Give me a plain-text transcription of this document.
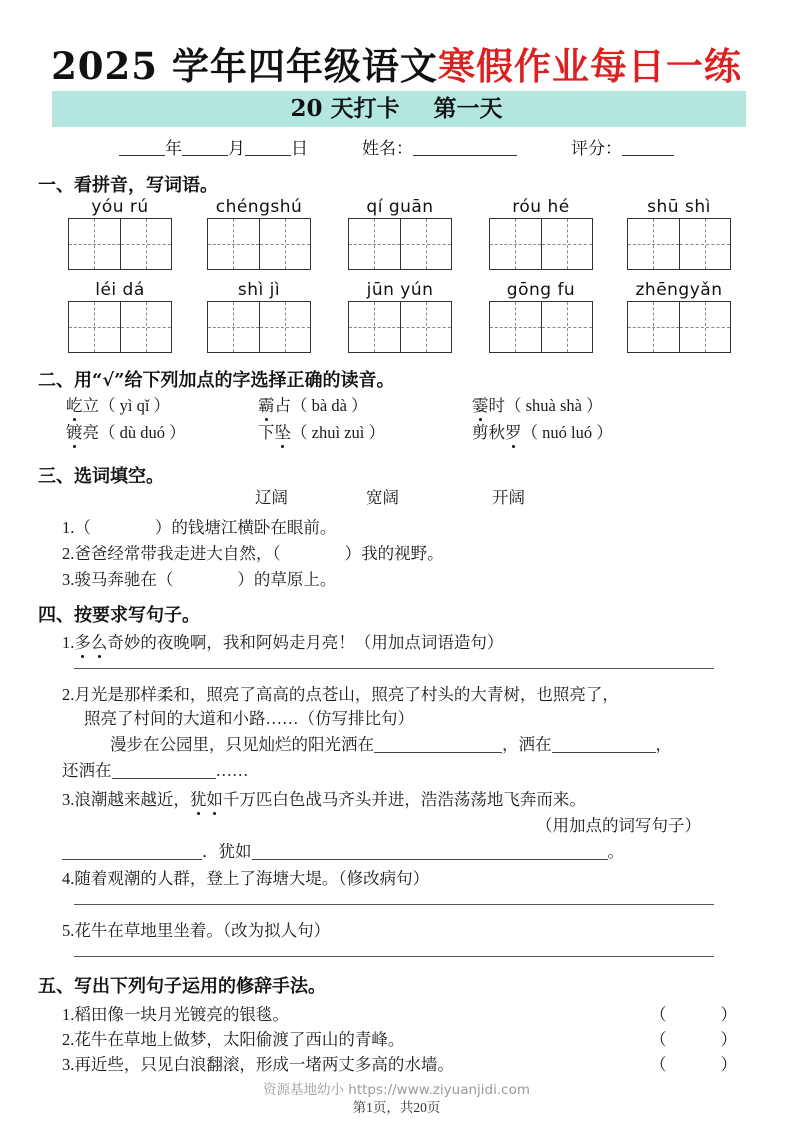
2025 学年四年级语文寒假作业每日一练
20 天打卡 第一天
年	月	日	姓名：	评分：
一、看拼音，写词语。
yóu rú	chéngshú	qí guān	róu hé	shū shì
léi dá	shì jì	jūn yún	gōng fu	zhēngyǎn
二、用“√”给下列加点的字选择正确的读音。
屹立（ yì qǐ ）	霸占（ bà dà ）	霎时（ shuà shà ）
镀亮（ dù duó ）	下坠（ zhuì zuì ）	剪秋罗（ nuó luó ）
三、选词填空。
辽阔	宽阔	开阔
1.（	）的钱塘江横卧在眼前。
2.爸爸经常带我走进大自然，（	）我的视野。
3.骏马奔驰在（	）的草原上。
四、按要求写句子。
1.多么奇妙的夜晚啊，我和阿妈走月亮！（用加点词语造句）
2.月光是那样柔和，照亮了高高的点苍山，照亮了村头的大青树，也照亮了，
照亮了村间的大道和小路……（仿写排比句）
漫步在公园里，只见灿烂的阳光洒在	，洒在	，
还洒在	……
3.浪潮越来越近，犹如千万匹白色战马齐头并进，浩浩荡荡地飞奔而来。
（用加点的词写句子）
．犹如	。
4.随着观潮的人群，登上了海塘大堤。（修改病句）
5.花牛在草地里坐着。（改为拟人句）
五、写出下列句子运用的修辞手法。
1.稻田像一块月光镀亮的银毯。	（	）
2.花牛在草地上做梦，太阳偷渡了西山的青峰。	（	）
3.再近些，只见白浪翻滚，形成一堵两丈多高的水墙。	（	）
资源基地幼小 https://www.ziyuanjidi.com
第1页，共20页
